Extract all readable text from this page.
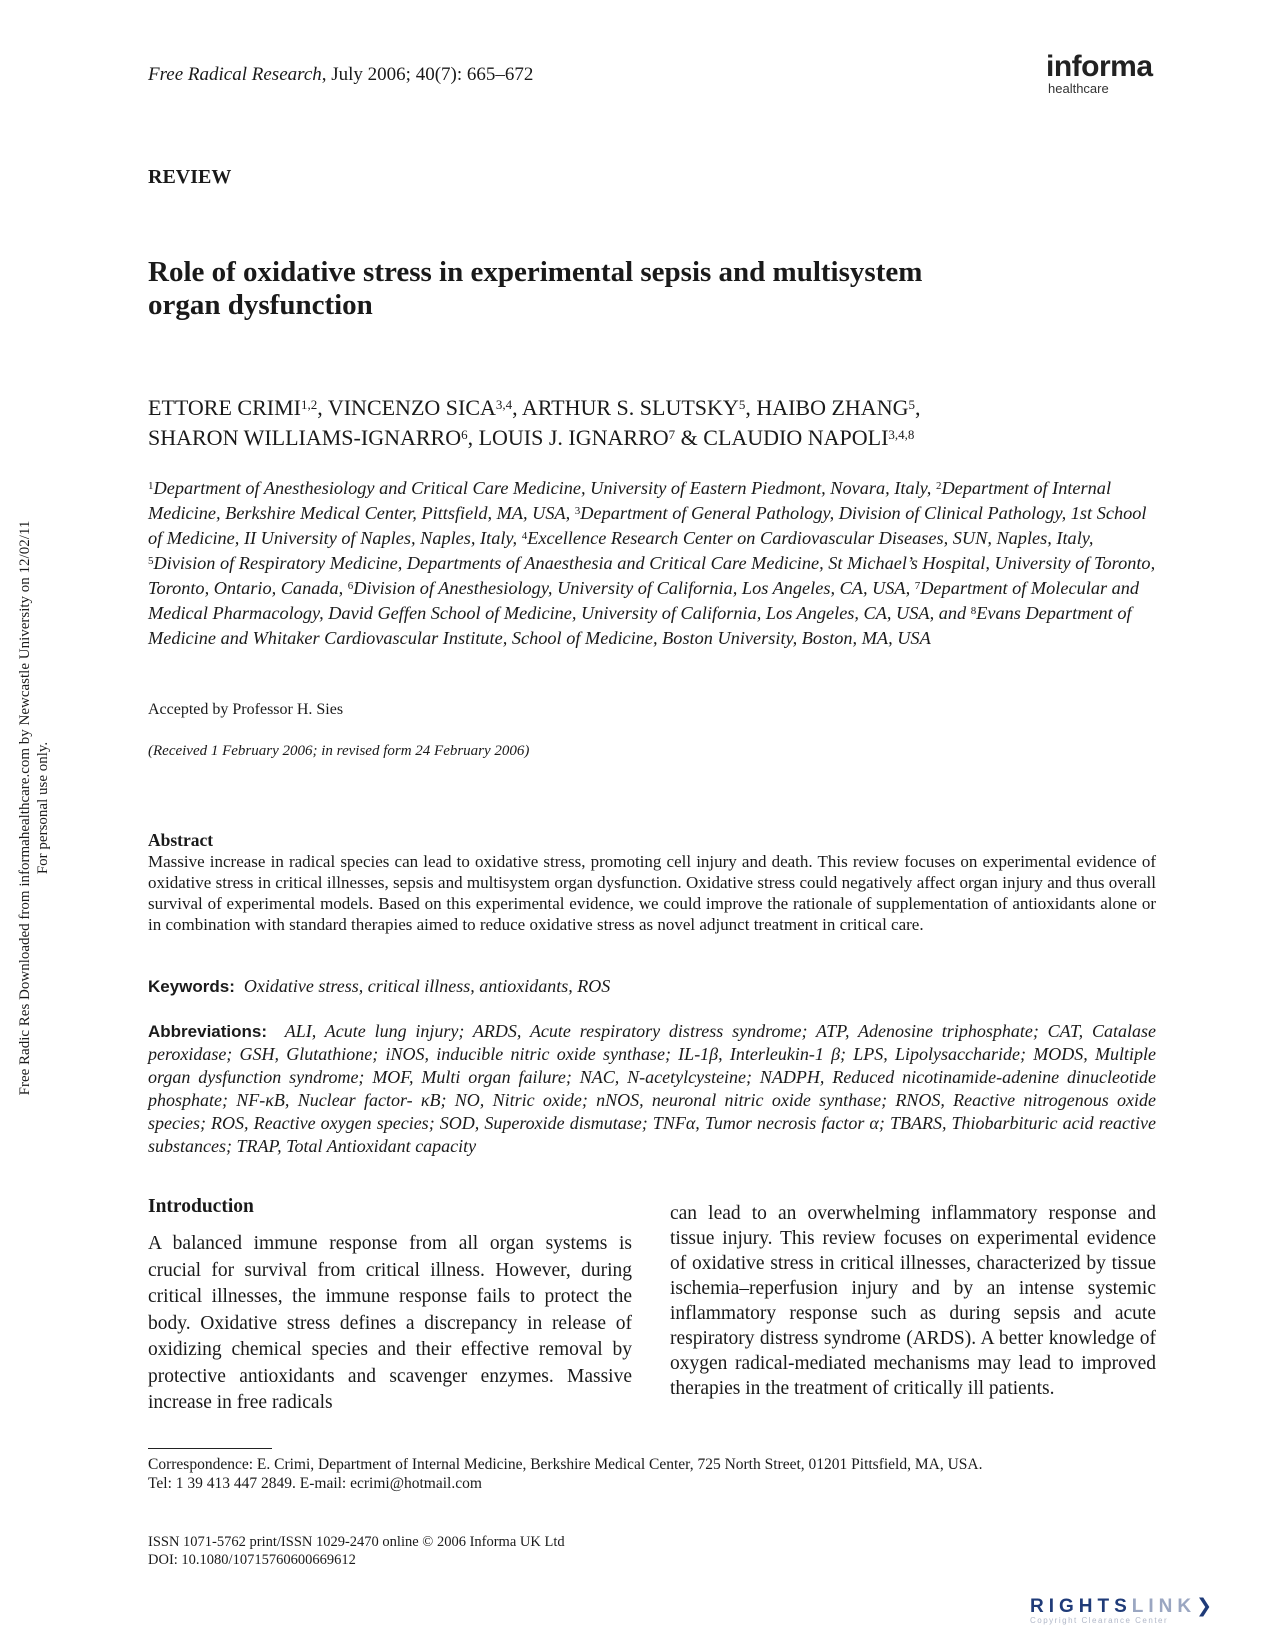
Free Radical Research, July 2006; 40(7): 665–672	informa
healthcare
REVIEW
Role of oxidative stress in experimental sepsis and multisystem
organ dysfunction
ETTORE CRIMI$^{1,2}$, VINCENZO SICA$^{3,4}$, ARTHUR S. SLUTSKY$^5$, HAIBO ZHANG$^5$,
SHARON WILLIAMS-IGNARRO$^6$, LOUIS J. IGNARRO$^7$ & CLAUDIO NAPOLI$^{3,4,8}$
$^1$Department of Anesthesiology and Critical Care Medicine, University of Eastern Piedmont, Novara, Italy, $^2$Department of Internal Medicine, Berkshire Medical Center, Pittsfield, MA, USA, $^3$Department of General Pathology, Division of Clinical Pathology, 1st School of Medicine, II University of Naples, Naples, Italy, $^4$Excellence Research Center on Cardiovascular Diseases, SUN, Naples, Italy, $^5$Division of Respiratory Medicine, Departments of Anaesthesia and Critical Care Medicine, St Michael’s Hospital, University of Toronto, Toronto, Ontario, Canada, $^6$Division of Anesthesiology, University of California, Los Angeles, CA, USA, $^7$Department of Molecular and Medical Pharmacology, David Geffen School of Medicine, University of California, Los Angeles, CA, USA, and $^8$Evans Department of Medicine and Whitaker Cardiovascular Institute, School of Medicine, Boston University, Boston, MA, USA
Accepted by Professor H. Sies
(Received 1 February 2006; in revised form 24 February 2006)
Abstract
Massive increase in radical species can lead to oxidative stress, promoting cell injury and death. This review focuses on experimental evidence of oxidative stress in critical illnesses, sepsis and multisystem organ dysfunction. Oxidative stress could negatively affect organ injury and thus overall survival of experimental models. Based on this experimental evidence, we could improve the rationale of supplementation of antioxidants alone or in combination with standard therapies aimed to reduce oxidative stress as novel adjunct treatment in critical care.
Keywords: Oxidative stress, critical illness, antioxidants, ROS
Abbreviations: ALI, Acute lung injury; ARDS, Acute respiratory distress syndrome; ATP, Adenosine triphosphate; CAT, Catalase peroxidase; GSH, Glutathione; iNOS, inducible nitric oxide synthase; IL-1β, Interleukin-1 β; LPS, Lipolysaccharide; MODS, Multiple organ dysfunction syndrome; MOF, Multi organ failure; NAC, N-acetylcysteine; NADPH, Reduced nicotinamide-adenine dinucleotide phosphate; NF-κB, Nuclear factor- κB; NO, Nitric oxide; nNOS, neuronal nitric oxide synthase; RNOS, Reactive nitrogenous oxide species; ROS, Reactive oxygen species; SOD, Superoxide dismutase; TNFα, Tumor necrosis factor α; TBARS, Thiobarbituric acid reactive substances; TRAP, Total Antioxidant capacity
Introduction
A balanced immune response from all organ systems is crucial for survival from critical illness. However, during critical illnesses, the immune response fails to protect the body. Oxidative stress defines a discrepancy in release of oxidizing chemical species and their effective removal by protective antioxidants and scavenger enzymes. Massive increase in free radicals
can lead to an overwhelming inflammatory response and tissue injury. This review focuses on experimental evidence of oxidative stress in critical illnesses, characterized by tissue ischemia–reperfusion injury and by an intense systemic inflammatory response such as during sepsis and acute respiratory distress syndrome (ARDS). A better knowledge of oxygen radical-mediated mechanisms may lead to improved therapies in the treatment of critically ill patients.
Correspondence: E. Crimi, Department of Internal Medicine, Berkshire Medical Center, 725 North Street, 01201 Pittsfield, MA, USA.
Tel: 1 39 413 447 2849. E-mail: ecrimi@hotmail.com
ISSN 1071-5762 print/ISSN 1029-2470 online © 2006 Informa UK Ltd
DOI: 10.1080/10715760600669612
Free Radic Res Downloaded from informahealthcare.com by Newcastle University on 12/02/11 For personal use only.
RIGHTSLINK❯
Copyright Clearance Center
